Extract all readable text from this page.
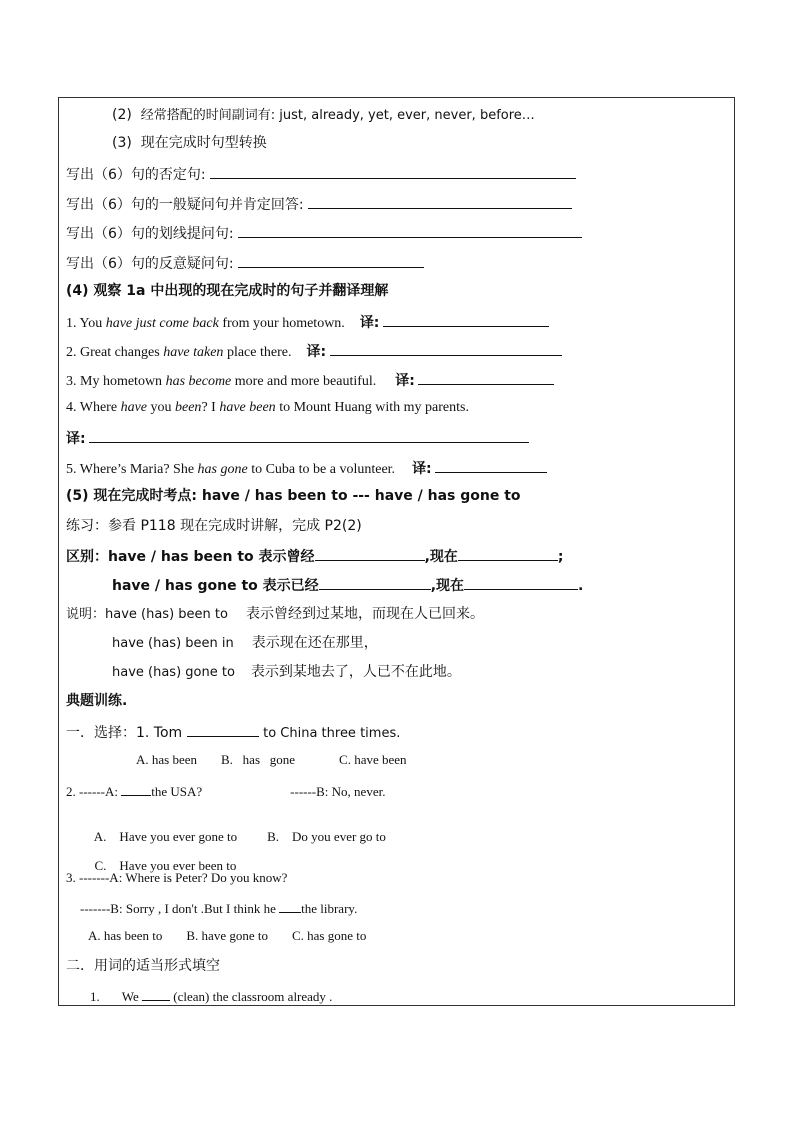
(2) 经常搭配的时间副词有: just, already, yet, ever, never, before…
(3) 现在完成时句型转换
写出（6）句的否定句:
写出（6）句的一般疑问句并肯定回答:
写出（6）句的划线提问句:
写出（6）句的反意疑问句:
(4) 观察 1a 中出现的现在完成时的句子并翻译理解
1. You have just come back from your hometown. 译:
2. Great changes have taken place there. 译:
3. My hometown has become more and more beautiful. 译:
4. Where have you been? I have been to Mount Huang with my parents.
译:
5. Where’s Maria? She has gone to Cuba to be a volunteer. 译:
(5) 现在完成时考点: have / has been to --- have / has gone to
练习：参看 P118 现在完成时讲解，完成 P2(2)
区别：have / has been to 表示曾经	,现在	;
have / has gone to 表示已经	,现在	.
说明：have (has) been to 表示曾经到过某地，而现在人已回来。
have (has) been in 表示现在还在那里，
have (has) gone to 表示到某地去了，人已不在此地。
典题训练.
一．选择：1. Tom	to China three times.
A. has been B.   has   gone	C. have been
2. ------A:	the USA?	------B: No, never.

A.    Have you ever gone to B.    Do you ever go to

C.    Have you ever been to

3. -------A: Where is Peter? Do you know?
-------B: Sorry , I don't .But I think he the library.
A. has been to B. have gone to C. has gone to
二．用词的适当形式填空
1. We	(clean) the classroom already .
